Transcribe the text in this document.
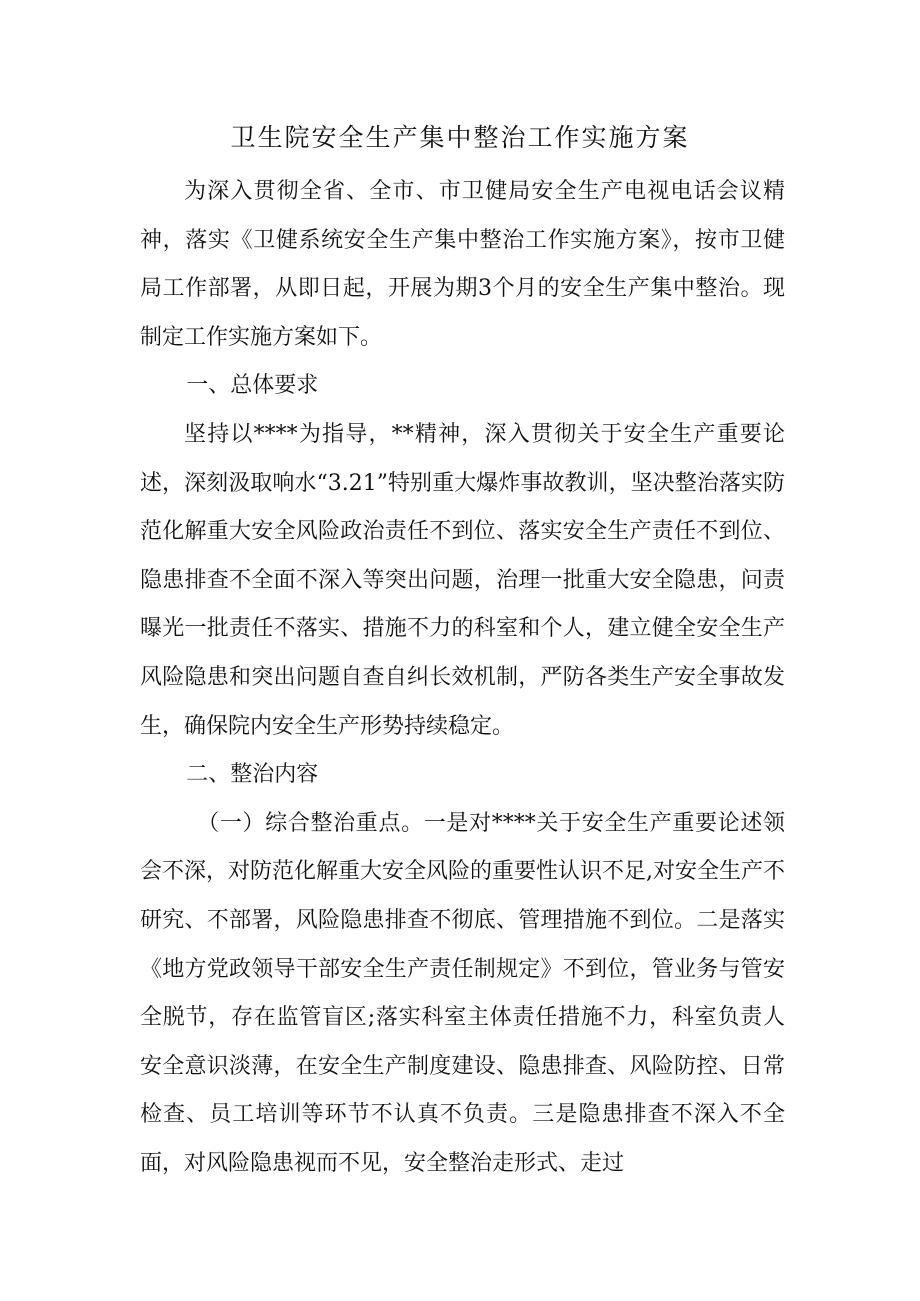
卫生院安全生产集中整治工作实施方案

为深入贯彻全省、全市、市卫健局安全生产电视电话会议精神，落实《卫健系统安全生产集中整治工作实施方案》，按市卫健局工作部署，从即日起，开展为期3个月的安全生产集中整治。现制定工作实施方案如下。

一、总体要求

坚持以****为指导，**精神，深入贯彻关于安全生产重要论述，深刻汲取响水“3.21”特别重大爆炸事故教训，坚决整治落实防范化解重大安全风险政治责任不到位、落实安全生产责任不到位、隐患排查不全面不深入等突出问题，治理一批重大安全隐患，问责曝光一批责任不落实、措施不力的科室和个人，建立健全安全生产风险隐患和突出问题自查自纠长效机制，严防各类生产安全事故发生，确保院内安全生产形势持续稳定。

二、整治内容

（一）综合整治重点。一是对****关于安全生产重要论述领会不深，对防范化解重大安全风险的重要性认识不足,对安全生产不研究、不部署，风险隐患排查不彻底、管理措施不到位。二是落实《地方党政领导干部安全生产责任制规定》不到位，管业务与管安全脱节，存在监管盲区;落实科室主体责任措施不力，科室负责人安全意识淡薄，在安全生产制度建设、隐患排查、风险防控、日常检查、员工培训等环节不认真不负责。三是隐患排查不深入不全面，对风险隐患视而不见，安全整治走形式、走过
